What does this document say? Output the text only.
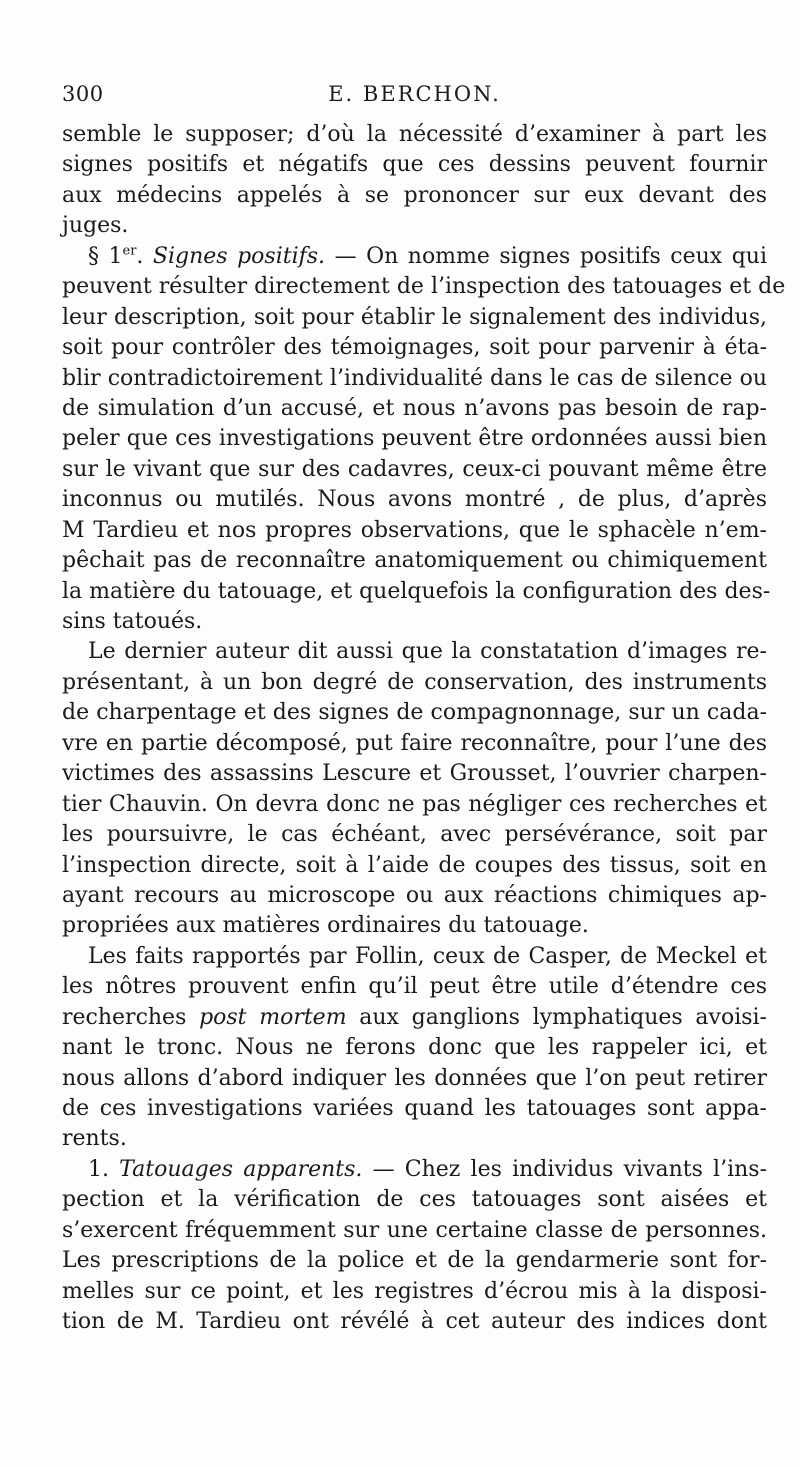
300	E. BERCHON.
semble le supposer; d’où la nécessité d’examiner à part les
signes positifs et négatifs que ces dessins peuvent fournir
aux médecins appelés à se prononcer sur eux devant des
juges.
§ 1er. Signes positifs. — On nomme signes positifs ceux qui
peuvent résulter directement de l’inspection des tatouages et de
leur description, soit pour établir le signalement des individus,
soit pour contrôler des témoignages, soit pour parvenir à éta-
blir contradictoirement l’individualité dans le cas de silence ou
de simulation d’un accusé, et nous n’avons pas besoin de rap-
peler que ces investigations peuvent être ordonnées aussi bien
sur le vivant que sur des cadavres, ceux-ci pouvant même être
inconnus ou mutilés. Nous avons montré , de plus, d’après
M Tardieu et nos propres observations, que le sphacèle n’em-
pêchait pas de reconnaître anatomiquement ou chimiquement
la matière du tatouage, et quelquefois la configuration des des-
sins tatoués.
Le dernier auteur dit aussi que la constatation d’images re-
présentant, à un bon degré de conservation, des instruments
de charpentage et des signes de compagnonnage, sur un cada-
vre en partie décomposé, put faire reconnaître, pour l’une des
victimes des assassins Lescure et Grousset, l’ouvrier charpen-
tier Chauvin. On devra donc ne pas négliger ces recherches et
les poursuivre, le cas échéant, avec persévérance, soit par
l’inspection directe, soit à l’aide de coupes des tissus, soit en
ayant recours au microscope ou aux réactions chimiques ap-
propriées aux matières ordinaires du tatouage.
Les faits rapportés par Follin, ceux de Casper, de Meckel et
les nôtres prouvent enfin qu’il peut être utile d’étendre ces
recherches post mortem aux ganglions lymphatiques avoisi-
nant le tronc. Nous ne ferons donc que les rappeler ici, et
nous allons d’abord indiquer les données que l’on peut retirer
de ces investigations variées quand les tatouages sont appa-
rents.
1. Tatouages apparents. — Chez les individus vivants l’ins-
pection et la vérification de ces tatouages sont aisées et
s’exercent fréquemment sur une certaine classe de personnes.
Les prescriptions de la police et de la gendarmerie sont for-
melles sur ce point, et les registres d’écrou mis à la disposi-
tion de M. Tardieu ont révélé à cet auteur des indices dont
